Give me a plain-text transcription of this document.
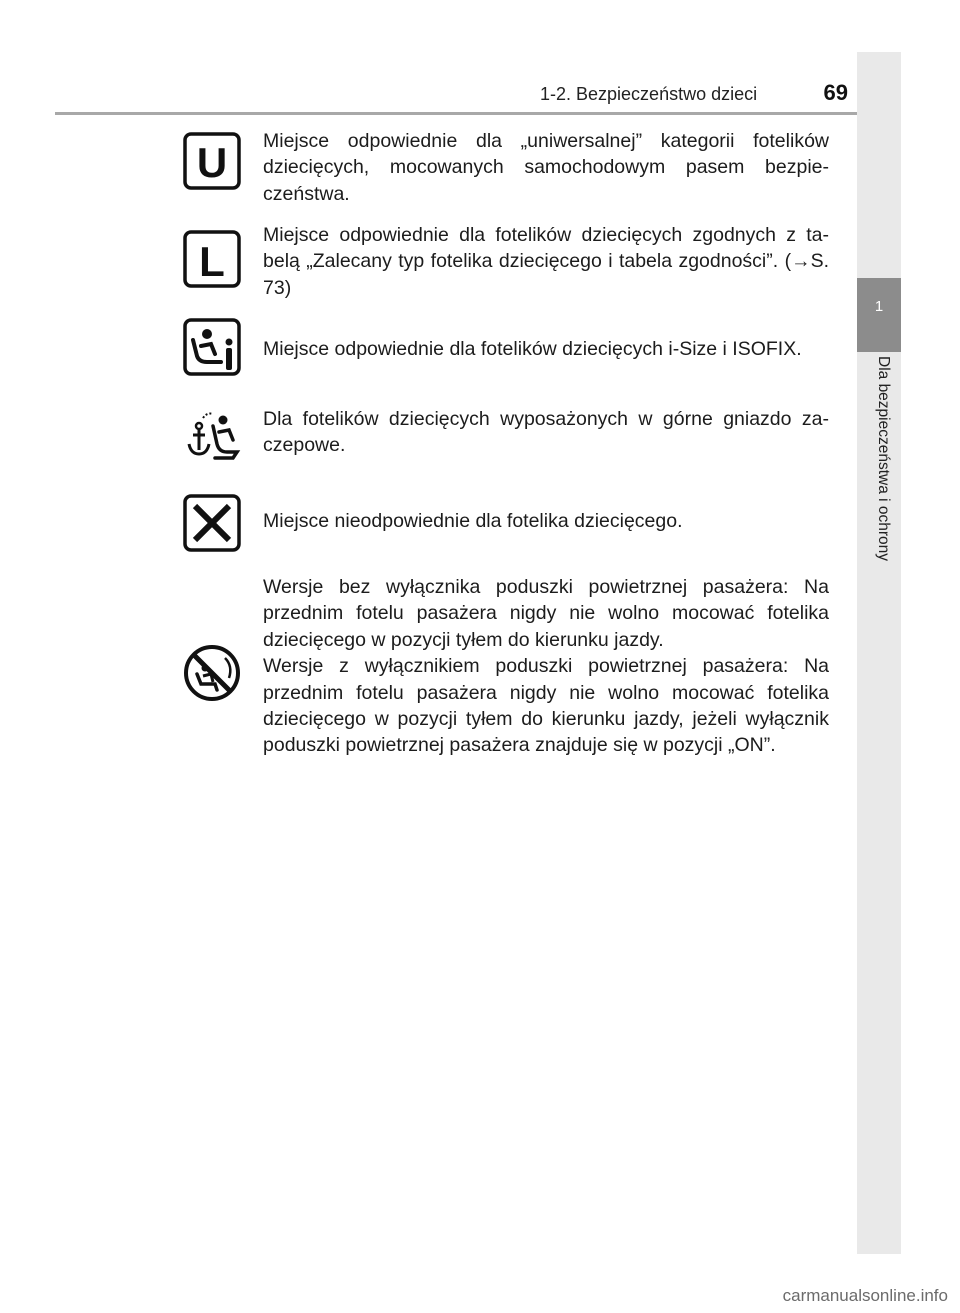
1-2. Bezpieczeństwo dzieci	69
1
Dla bezpieczeństwa i ochrony
U Miejsce odpowiednie dla „uniwersalnej” kategorii fotelików dziecięcych, mocowanych samochodowym pasem bezpie-czeństwa.
L
Miejsce odpowiednie dla fotelików dziecięcych zgodnych z ta-belą „Zalecany typ fotelika dziecięcego i tabela zgodności”. (→S. 73)
Miejsce odpowiednie dla fotelików dziecięcych i-Size i ISOFIX.
Dla fotelików dziecięcych wyposażonych w górne gniazdo za-czepowe.
Miejsce nieodpowiednie dla fotelika dziecięcego.

Wersje bez wyłącznika poduszki powietrznej pasażera: Na przednim fotelu pasażera nigdy nie wolno mocować fotelika dziecięcego w pozycji tyłem do kierunku jazdy.

Wersje z wyłącznikiem poduszki powietrznej pasażera: Na przednim fotelu pasażera nigdy nie wolno mocować fotelika dziecięcego w pozycji tyłem do kierunku jazdy, jeżeli wyłącznik poduszki powietrznej pasażera znajduje się w pozycji „ON”.

carmanualsonline.info
